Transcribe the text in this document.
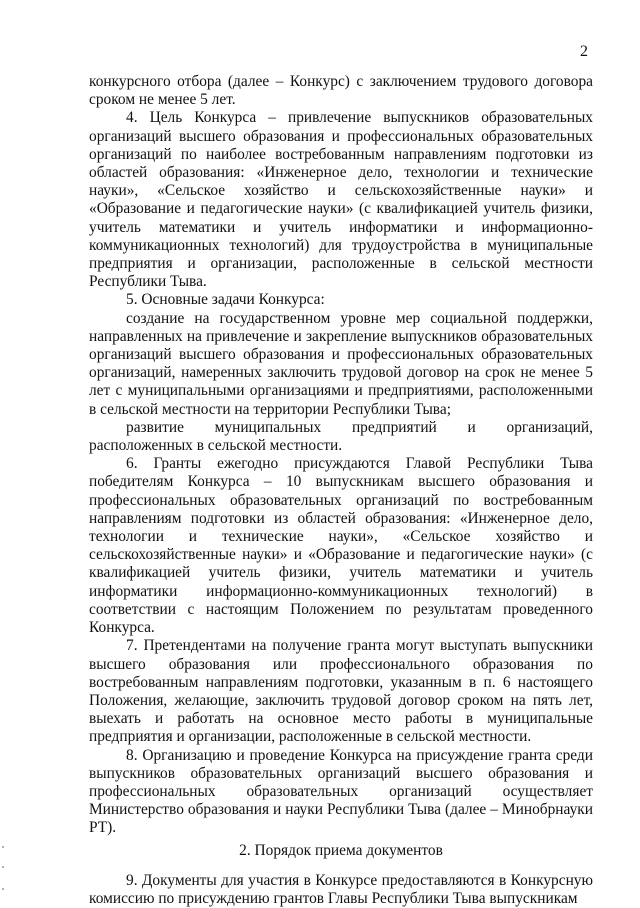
2

конкурсного отбора (далее – Конкурс) с заключением трудового договора сроком не менее 5 лет.

4. Цель Конкурса – привлечение выпускников образовательных организаций высшего образования и профессиональных образовательных организаций по наиболее востребованным направлениям подготовки из областей образования: «Инженерное дело, технологии и технические науки», «Сельское хозяйство и сельскохозяйственные науки» и «Образование и педагогические науки» (с квалификацией учитель физики, учитель математики и учитель информатики и информационно-коммуникационных технологий) для трудоустройства в муниципальные предприятия и организации, расположенные в сельской местности Республики Тыва.

5. Основные задачи Конкурса:

создание на государственном уровне мер социальной поддержки, направленных на привлечение и закрепление выпускников образовательных организаций высшего образования и профессиональных образовательных организаций, намеренных заключить трудовой договор на срок не менее 5 лет с муниципальными организациями и предприятиями, расположенными в сельской местности на территории Республики Тыва;

развитие муниципальных предприятий и организаций, расположенных в сельской местности.

6. Гранты ежегодно присуждаются Главой Республики Тыва победителям Конкурса – 10 выпускникам высшего образования и профессиональных образовательных организаций по востребованным направлениям подготовки из областей образования: «Инженерное дело, технологии и технические науки», «Сельское хозяйство и сельскохозяйственные науки» и «Образование и педагогические науки» (с квалификацией учитель физики, учитель математики и учитель информатики информационно-коммуникационных технологий) в соответствии с настоящим Положением по результатам проведенного Конкурса.

7. Претендентами на получение гранта могут выступать выпускники высшего образования или профессионального образования по востребованным направлениям подготовки, указанным в п. 6 настоящего Положения, желающие, заключить трудовой договор сроком на пять лет, выехать и работать на основное место работы в муниципальные предприятия и организации, расположенные в сельской местности.

8. Организацию и проведение Конкурса на присуждение гранта среди выпускников образовательных организаций высшего образования и профессиональных образовательных организаций осуществляет Министерство образования и науки Республики Тыва (далее – Минобрнауки РТ).

2. Порядок приема документов

9. Документы для участия в Конкурсе предоставляются в Конкурсную комиссию по присуждению грантов Главы Республики Тыва выпускникам
